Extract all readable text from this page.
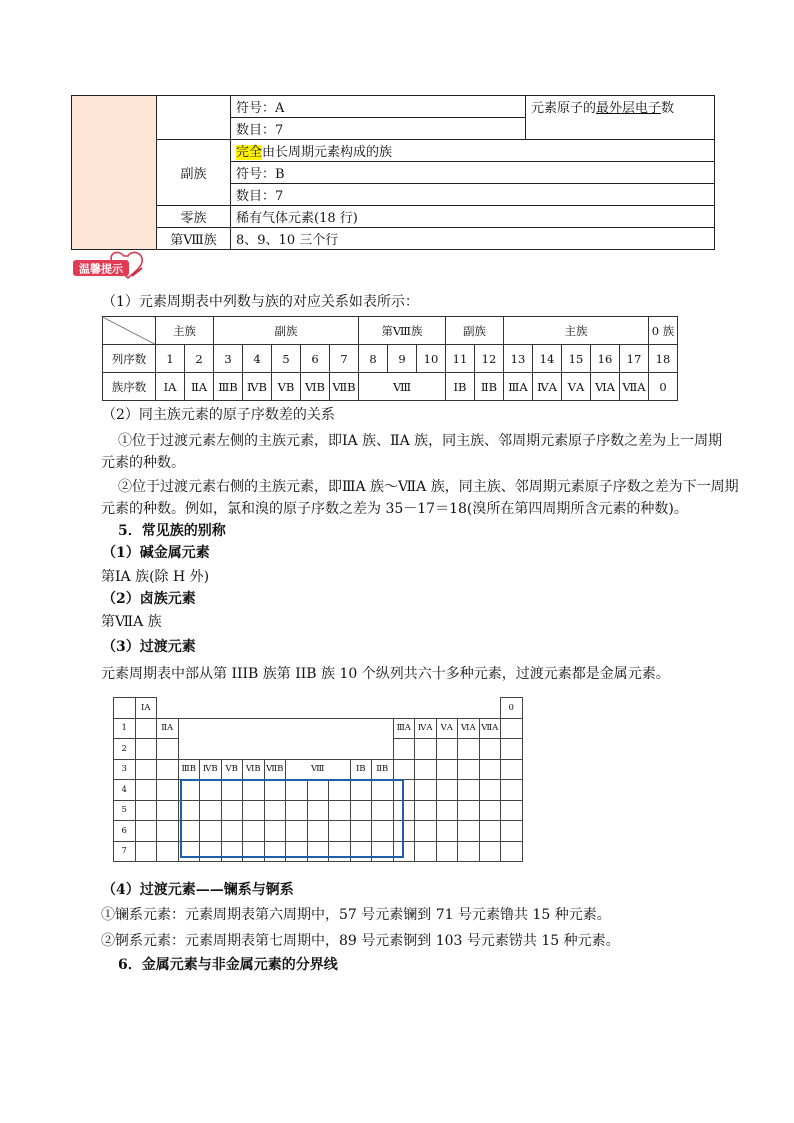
		符号：A	元素原子的最外层电子数
		数目：7	
	副族	完全由长周期元素构成的族	
		符号：B	
		数目：7	
	零族	稀有气体元素(18 行)	
	第Ⅷ族	8、9、10 三个行	
温馨提示
（1）元素周期表中列数与族的对应关系如表所示：
	主族		副族					第Ⅷ族			副族		主族					0 族
列序数	1	2	3	4	5	6	7	8	9	10	11	12	13	14	15	16	17	18
族序数	ⅠA	ⅡA	ⅢB	ⅣB	ⅤB	ⅥB	ⅦB	Ⅷ			ⅠB	ⅡB	ⅢA	ⅣA	ⅤA	ⅥA	ⅦA	0
（2）同主族元素的原子序数差的关系
①位于过渡元素左侧的主族元素，即ⅠA 族、ⅡA 族，同主族、邻周期元素原子序数之差为上一周期
元素的种数。
②位于过渡元素右侧的主族元素，即ⅢA 族～ⅦA 族，同主族、邻周期元素原子序数之差为下一周期
元素的种数。例如，氯和溴的原子序数之差为 35－17＝18(溴所在第四周期所含元素的种数)。
5．常见族的别称
（1）碱金属元素
第ⅠA 族(除 H 外)
（2）卤族元素
第ⅦA 族
（3）过渡元素
元素周期表中部从第 IIIB 族第 IIB 族 10 个纵列共六十多种元素，过渡元素都是金属元素。
	ⅠA																	0
1		ⅡA											ⅢA	ⅣA	ⅤA	ⅥA	ⅦA	
2																		
3			ⅢB	ⅣB	ⅤB	ⅥB	ⅦB	Ⅷ			ⅠB	ⅡB						
4																		
5																		
6																		
7																		
（4）过渡元素——镧系与锕系
①镧系元素：元素周期表第六周期中，57 号元素镧到 71 号元素镥共 15 种元素。
②锕系元素：元素周期表第七周期中，89 号元素锕到 103 号元素铹共 15 种元素。
6．金属元素与非金属元素的分界线
